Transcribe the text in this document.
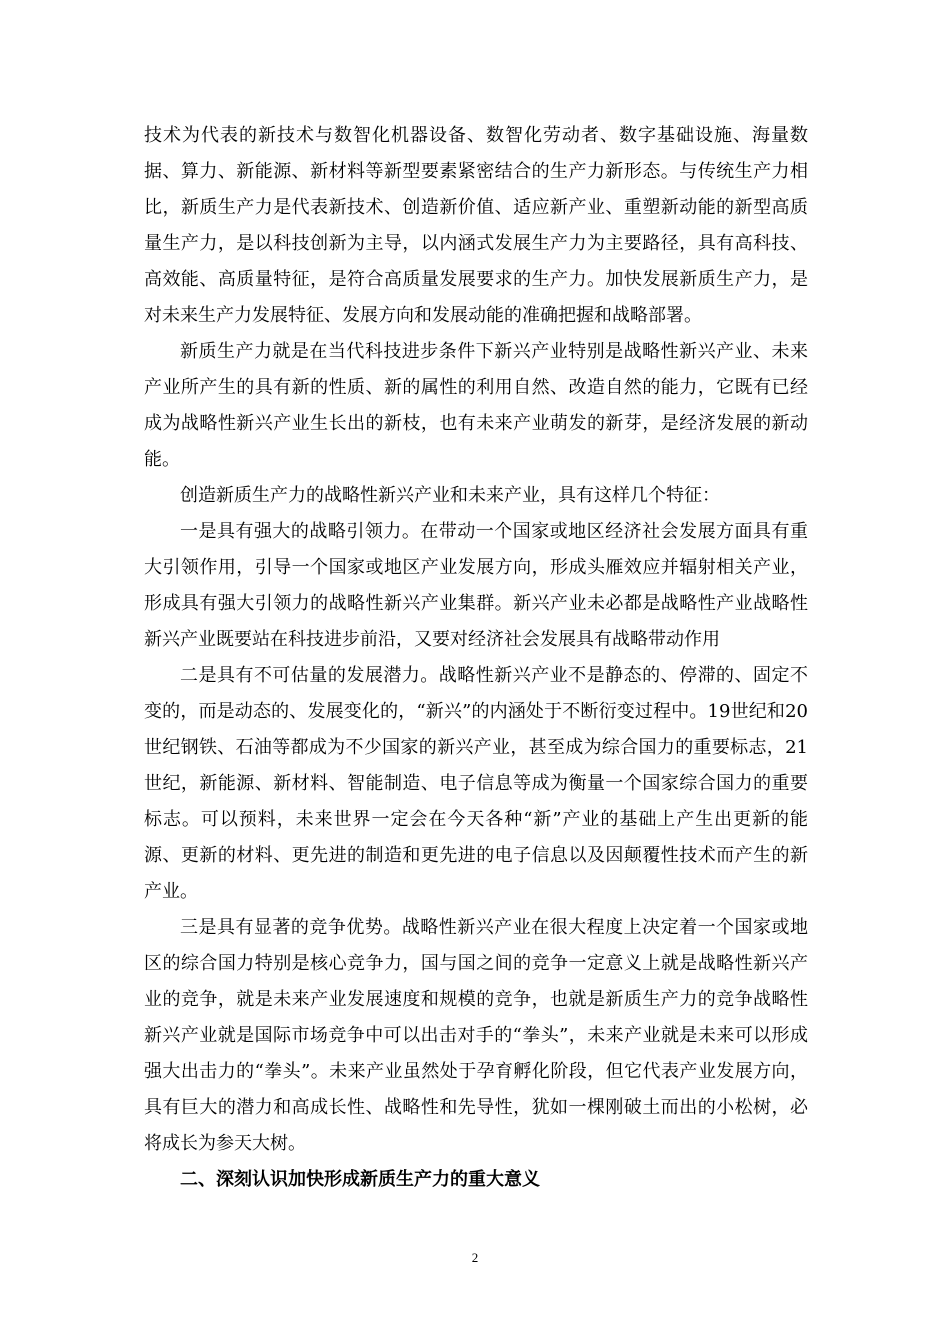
技术为代表的新技术与数智化机器设备、数智化劳动者、数字基础设施、海量数据、算力、新能源、新材料等新型要素紧密结合的生产力新形态。与传统生产力相比，新质生产力是代表新技术、创造新价值、适应新产业、重塑新动能的新型高质量生产力，是以科技创新为主导，以内涵式发展生产力为主要路径，具有高科技、高效能、高质量特征，是符合高质量发展要求的生产力。加快发展新质生产力，是对未来生产力发展特征、发展方向和发展动能的准确把握和战略部署。

新质生产力就是在当代科技进步条件下新兴产业特别是战略性新兴产业、未来产业所产生的具有新的性质、新的属性的利用自然、改造自然的能力，它既有已经成为战略性新兴产业生长出的新枝，也有未来产业萌发的新芽，是经济发展的新动能。

创造新质生产力的战略性新兴产业和未来产业，具有这样几个特征：

一是具有强大的战略引领力。在带动一个国家或地区经济社会发展方面具有重大引领作用，引导一个国家或地区产业发展方向，形成头雁效应并辐射相关产业，形成具有强大引领力的战略性新兴产业集群。新兴产业未必都是战略性产业战略性新兴产业既要站在科技进步前沿，又要对经济社会发展具有战略带动作用

二是具有不可估量的发展潜力。战略性新兴产业不是静态的、停滞的、固定不变的，而是动态的、发展变化的，“新兴”的内涵处于不断衍变过程中。19世纪和20世纪钢铁、石油等都成为不少国家的新兴产业，甚至成为综合国力的重要标志，21世纪，新能源、新材料、智能制造、电子信息等成为衡量一个国家综合国力的重要标志。可以预料，未来世界一定会在今天各种“新”产业的基础上产生出更新的能源、更新的材料、更先进的制造和更先进的电子信息以及因颠覆性技术而产生的新产业。

三是具有显著的竞争优势。战略性新兴产业在很大程度上决定着一个国家或地区的综合国力特别是核心竞争力，国与国之间的竞争一定意义上就是战略性新兴产业的竞争，就是未来产业发展速度和规模的竞争，也就是新质生产力的竞争战略性新兴产业就是国际市场竞争中可以出击对手的“拳头”，未来产业就是未来可以形成强大出击力的“拳头”。未来产业虽然处于孕育孵化阶段，但它代表产业发展方向，具有巨大的潜力和高成长性、战略性和先导性，犹如一棵刚破土而出的小松树，必将成长为参天大树。

二、深刻认识加快形成新质生产力的重大意义

2
